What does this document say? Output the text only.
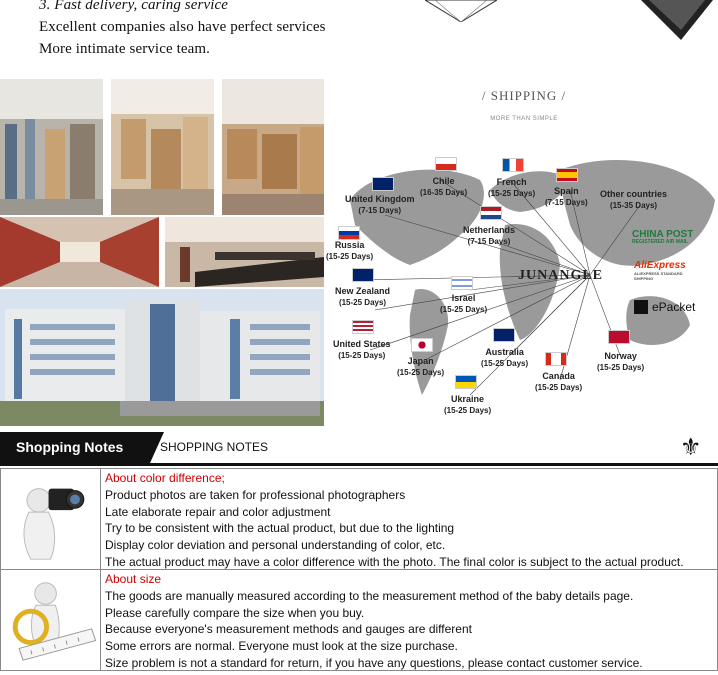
3. Fast delivery, caring service
Excellent companies also have perfect services
More intimate service team.
/ SHIPPING /
MORE THAN SIMPLE
Chile
(16-35 Days)
French
(15-25 Days)	Spain
(7-15 Days)
United Kingdom
(7-15 Days)
Other countries
(15-35 Days)
Netherlands
(7-15 Days)
Russia
(15-25 Days)
New Zealand
(15-25 Days)	Israel
(15-25 Days)
United States
(15-25 Days)
Japan
(15-25 Days)
Australia
(15-25 Days)
Canada
(15-25 Days)
Norway
(15-25 Days)
Ukraine
(15-25 Days)
JUNANGLE
CHINA POST
REGISTERED AIR MAIL
AliExpress
ALIEXPRESS STANDARD SHIPPING
ePacket
Shopping Notes	SHOPPING NOTES	⚜
About color difference;
Product photos are taken for professional photographers
Late elaborate repair and color adjustment
Try to be consistent with the actual product, but due to the lighting
Display color deviation and personal understanding of color, etc.
The actual product may have a color difference with the photo. The final color is subject to the actual product.
About size
The goods are manually measured according to the measurement method of the baby details page.
Please carefully compare the size when you buy.
Because everyone's measurement methods and gauges are different
Some errors are normal. Everyone must look at the size purchase.
Size problem is not a standard for return, if you have any questions, please contact customer service.
